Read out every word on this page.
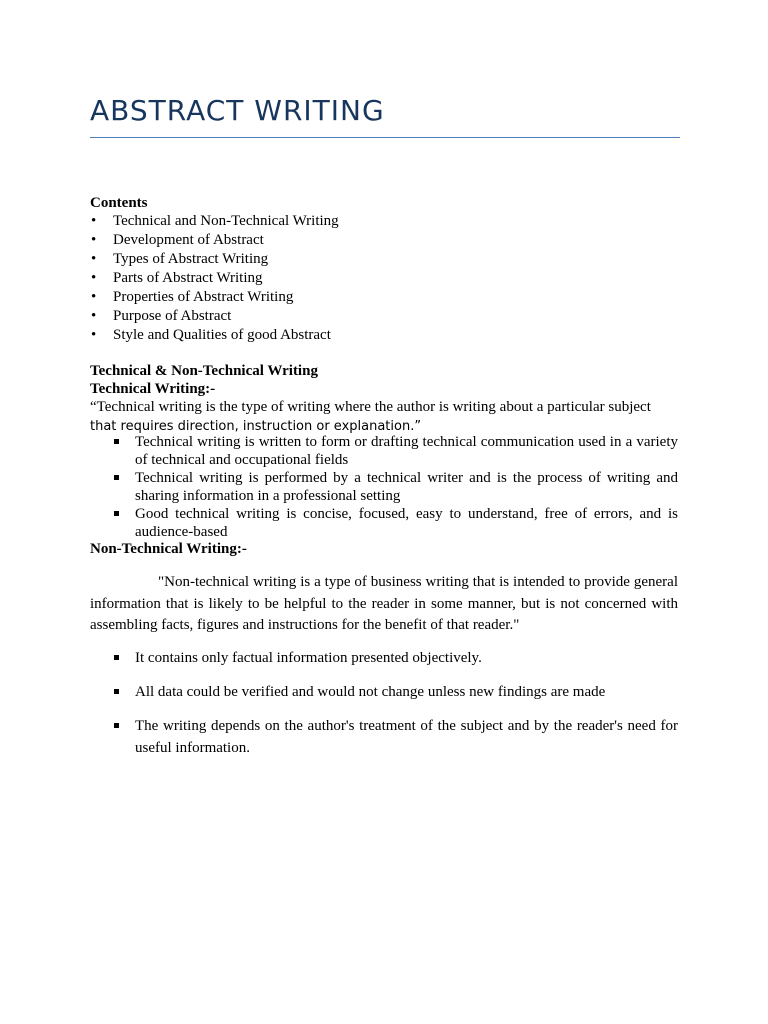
ABSTRACT WRITING
Contents
• Technical and Non-Technical Writing
• Development of Abstract
• Types of Abstract Writing
• Parts of Abstract Writing
• Properties of Abstract Writing
• Purpose of Abstract
• Style and Qualities of good Abstract
Technical & Non-Technical Writing
Technical Writing:-
“Technical writing is the type of writing where the author is writing about a particular subject
that requires direction, instruction or explanation.”
Technical writing is written to form or drafting technical communication used in a variety of technical and occupational fields
Technical writing is performed by a technical writer and is the process of writing and sharing information in a professional setting
Good technical writing is concise, focused, easy to understand, free of errors, and is audience-based
Non-Technical Writing:-
"Non-technical writing is a type of business writing that is intended to provide general information that is likely to be helpful to the reader in some manner, but is not concerned with assembling facts, figures and instructions for the benefit of that reader."
It contains only factual information presented objectively.
All data could be verified and would not change unless new findings are made
The writing depends on the author's treatment of the subject and by the reader's need for useful information.
